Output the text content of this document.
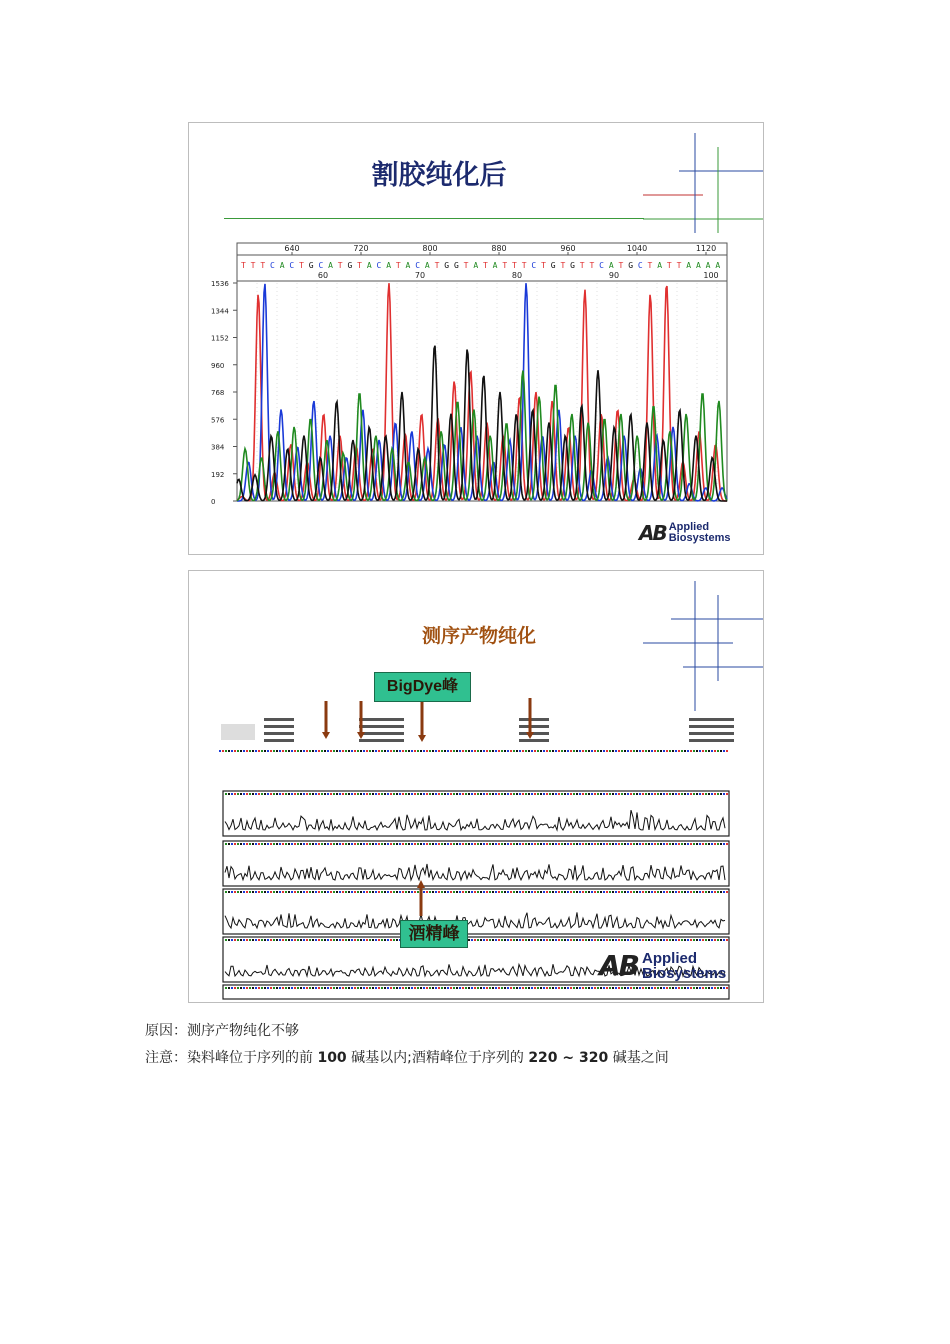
割胶纯化后
640	720	800	880	960	1040	1120
T T T C A C T G C A T G T A C A T A C A T G G T A T A T T T C T G T G T T C A T G C T A T T A A A A
60	70	80	90	100
1536
1344
1152
960
768
576
384
192
0
AB Applied
Biosystems
测序产物纯化
BigDye峰
酒精峰
AB Applied
Biosystems
原因：测序产物纯化不够
注意：染料峰位于序列的前 100 碱基以内;酒精峰位于序列的 220 ~ 320 碱基之间
